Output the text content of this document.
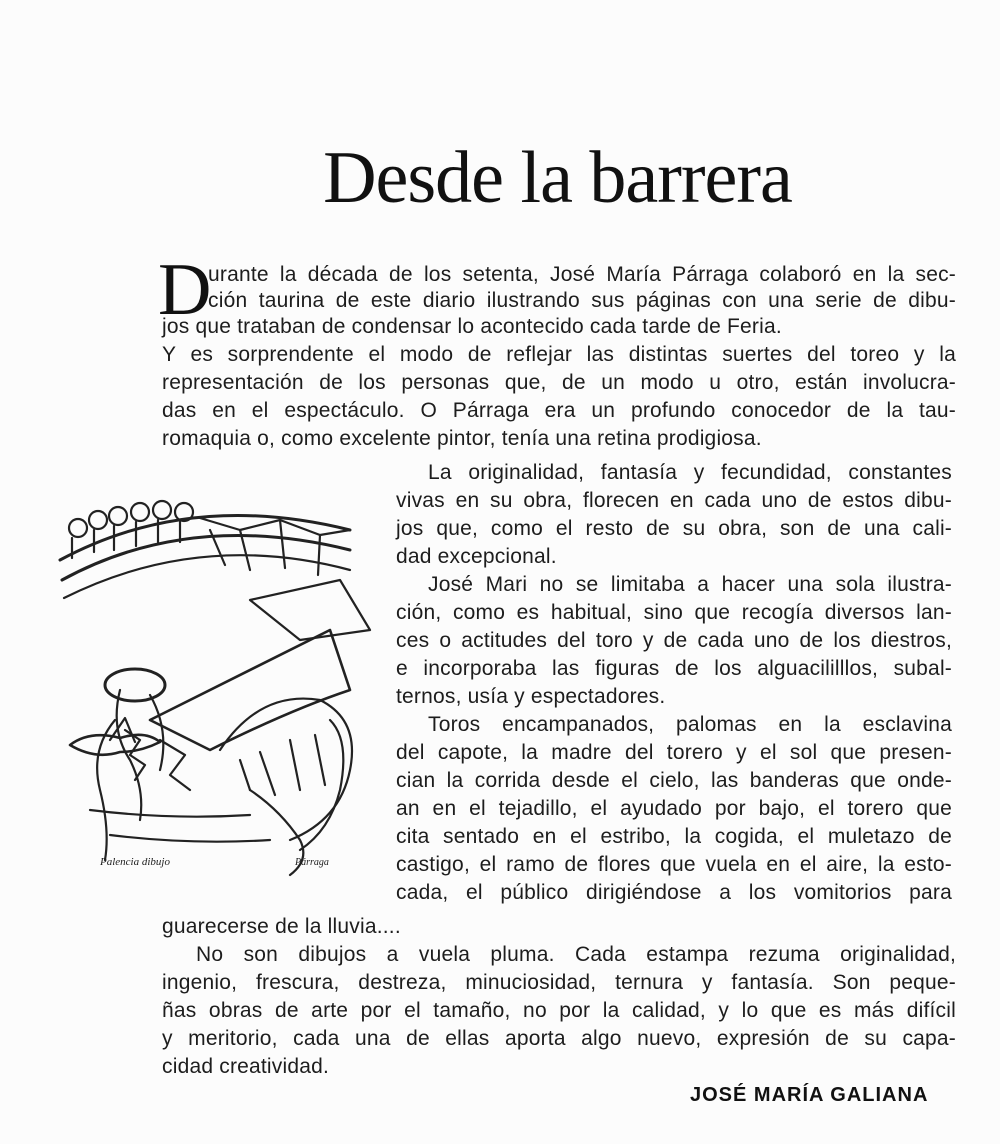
Desde la barrera
D
urante la década de los setenta, José María Párraga colaboró en la sec-
ción taurina de este diario ilustrando sus páginas con una serie de dibu-
jos que trataban de condensar lo acontecido cada tarde de Feria.
Y es sorprendente el modo de reflejar las distintas suertes del toreo y la
representación de los personas que, de un modo u otro, están involucra-
das en el espectáculo. O Párraga era un profundo conocedor de la tau-
romaquia o, como excelente pintor, tenía una retina prodigiosa.
La originalidad, fantasía y fecundidad, constantes
vivas en su obra, florecen en cada uno de estos dibu-
jos que, como el resto de su obra, son de una cali-
dad excepcional.
José Mari no se limitaba a hacer una sola ilustra-
ción, como es habitual, sino que recogía diversos lan-
ces o actitudes del toro y de cada uno de los diestros,
e incorporaba las figuras de los alguacililllos, subal-
ternos, usía y espectadores.
Toros encampanados, palomas en la esclavina
del capote, la madre del torero y el sol que presen-
cian la corrida desde el cielo, las banderas que onde-
an en el tejadillo, el ayudado por bajo, el torero que
cita sentado en el estribo, la cogida, el muletazo de
castigo, el ramo de flores que vuela en el aire, la esto-
cada, el público dirigiéndose a los vomitorios para
guarecerse de la lluvia....
No son dibujos a vuela pluma. Cada estampa rezuma originalidad,
ingenio, frescura, destreza, minuciosidad, ternura y fantasía. Son peque-
ñas obras de arte por el tamaño, no por la calidad, y lo que es más difícil
y meritorio, cada una de ellas aporta algo nuevo, expresión de su capa-
cidad creatividad.
Palencia dibujo	Párraga
JOSÉ MARÍA GALIANA
